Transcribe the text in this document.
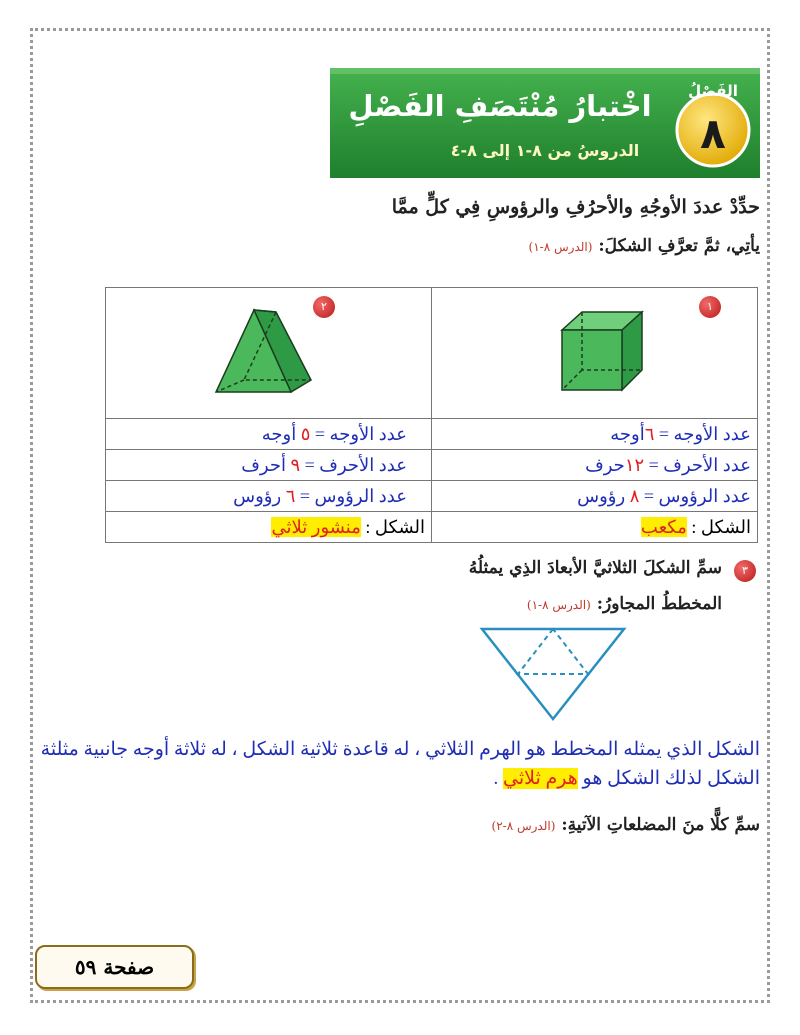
الفَصْلُ
٨
اخْتبارُ مُنْتَصَفِ الفَصْلِ
الدروسُ من ٨-١ إلى ٨-٤
حدِّدْ عددَ الأوجُهِ والأحرُفِ والرؤوسِ فِي كلٍّ ممَّا
يأتِي، ثمَّ تعرَّفِ الشكلَ: (الدرس ٨-١)
١	٢

عدد الأوجه = ٦أوجه	عدد الأوجه = ٥ أوجه
عدد الأحرف = ١٢حرف	عدد الأحرف = ٩ أحرف
عدد الرؤوس = ٨ رؤوس	عدد الرؤوس = ٦ رؤوس
الشكل : مكعب	الشكل : منشور ثلاثي
٣
سمِّ الشكلَ الثلاثيَّ الأبعادَ الذِي يمثلُهُ
المخططُ المجاورُ: (الدرس ٨-١)
الشكل الذي يمثله المخطط هو الهرم الثلاثي ، له قاعدة ثلاثية الشكل ، له ثلاثة أوجه جانبية مثلثة الشكل لذلك الشكل هو هرم ثلاثي .
سمِّ كلًّا منَ المضلعاتِ الآتيةِ: (الدرس ٨-٢)
صفحة ٥٩
